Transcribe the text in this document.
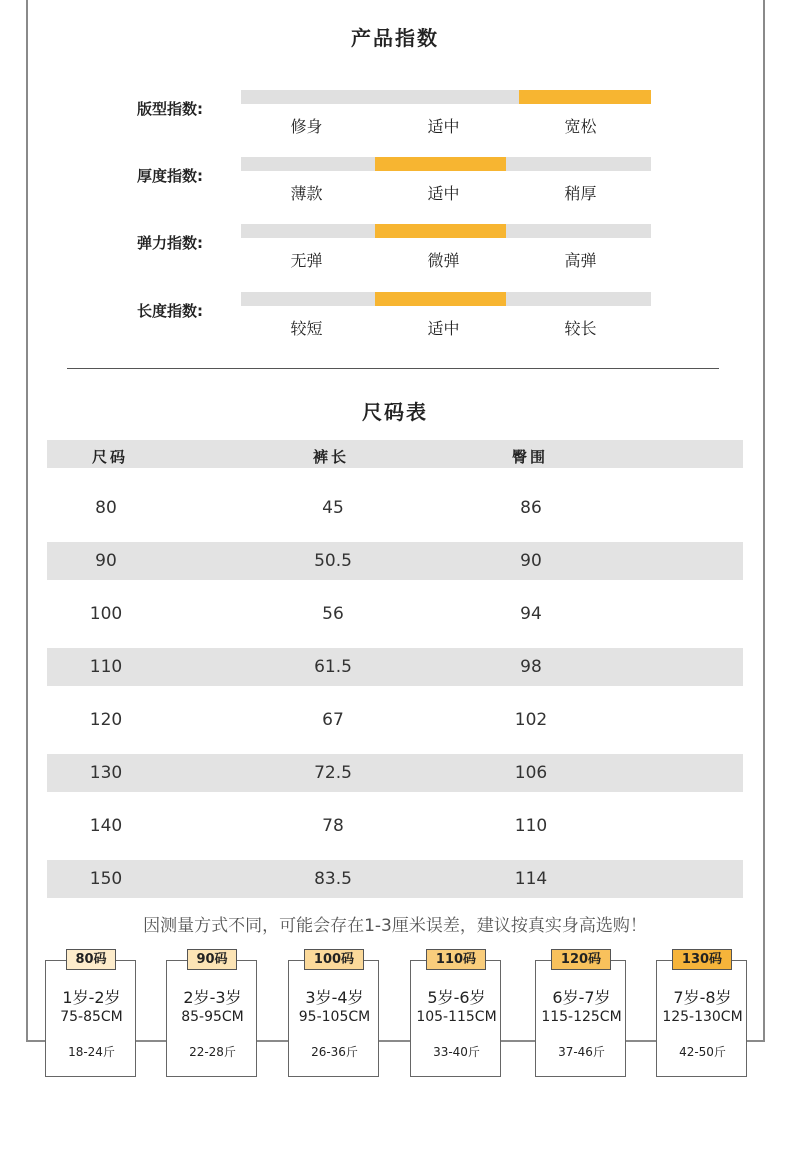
产品指数
版型指数:
修身	适中	宽松
厚度指数:
薄款	适中	稍厚
弹力指数:
无弹	微弹	高弹
长度指数:
较短	适中	较长
尺码表
尺码	裤长	臀围
80	45	86
90	50.5	90
100	56	94
110	61.5	98
120	67	102
130	72.5	106
140	78	110
150	83.5	114
因测量方式不同，可能会存在1-3厘米误差，建议按真实身高选购！
1岁-2岁
75-85CM
18-24斤
80码
2岁-3岁
85-95CM
22-28斤
90码
3岁-4岁
95-105CM
26-36斤
100码
5岁-6岁
105-115CM
33-40斤
110码
6岁-7岁
115-125CM
37-46斤
120码
7岁-8岁
125-130CM
42-50斤
130码
